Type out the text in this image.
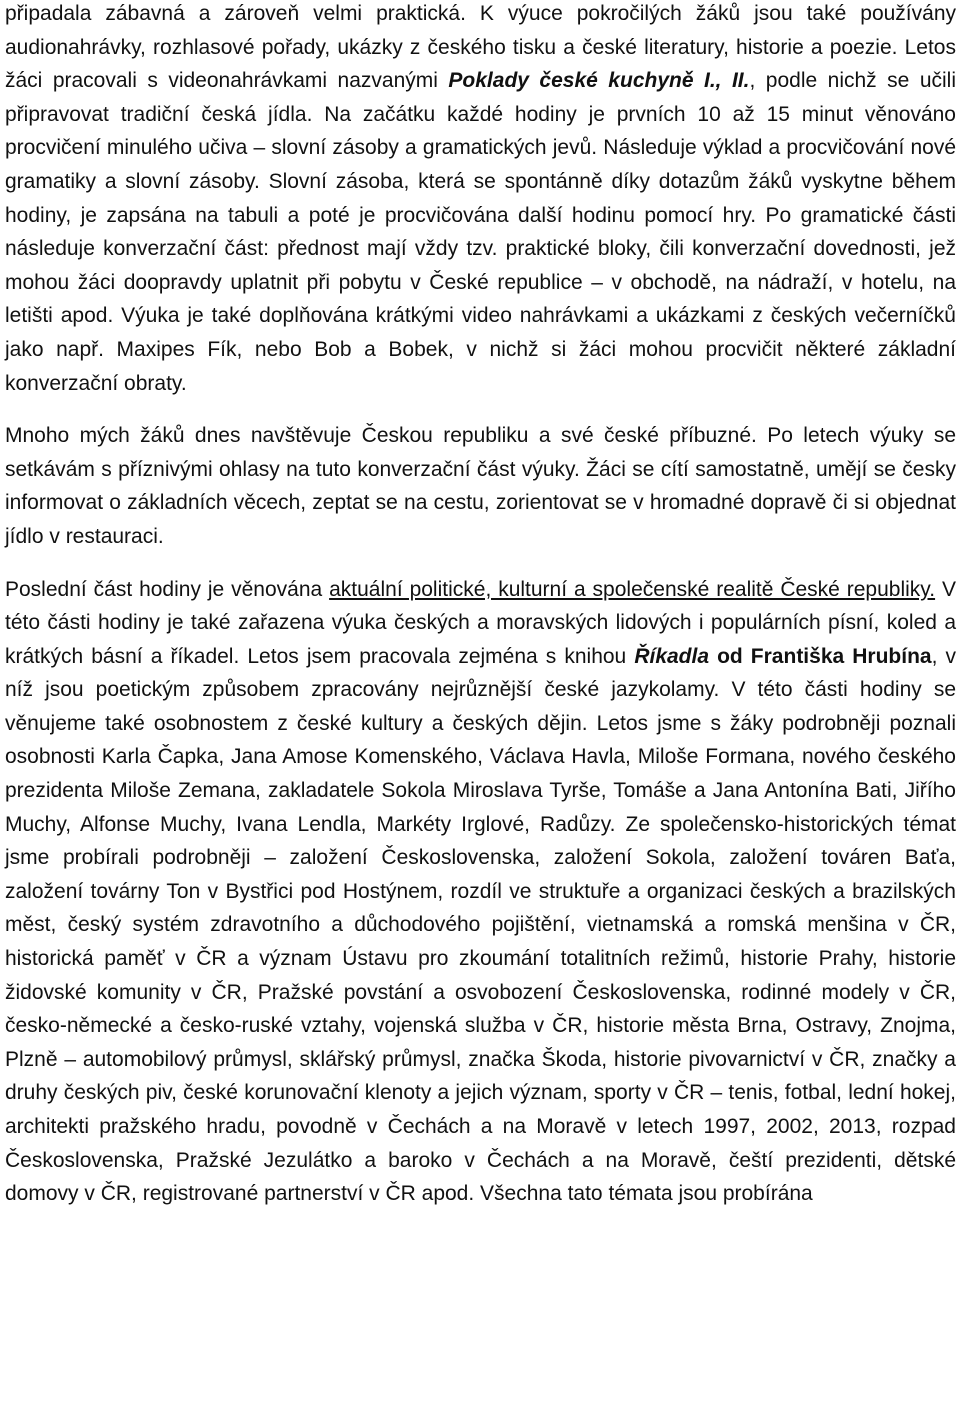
připadala zábavná a zároveň velmi praktická. K výuce pokročilých žáků jsou také používány audionahrávky, rozhlasové pořady, ukázky z českého tisku a české literatury, historie a poezie. Letos žáci pracovali s videonahrávkami nazvanými Poklady české kuchyně I., II., podle nichž se učili připravovat tradiční česká jídla. Na začátku každé hodiny je prvních 10 až 15 minut věnováno procvičení minulého učiva – slovní zásoby a gramatických jevů. Následuje výklad a procvičování nové gramatiky a slovní zásoby. Slovní zásoba, která se spontánně díky dotazům žáků vyskytne během hodiny, je zapsána na tabuli a poté je procvičována další hodinu pomocí hry. Po gramatické části následuje konverzační část: přednost mají vždy tzv. praktické bloky, čili konverzační dovednosti, jež mohou žáci doopravdy uplatnit při pobytu v České republice – v obchodě, na nádraží, v hotelu, na letišti apod. Výuka je také doplňována krátkými video nahrávkami a ukázkami z českých večerníčků jako např. Maxipes Fík, nebo Bob a Bobek, v nichž si žáci mohou procvičit některé základní konverzační obraty.

Mnoho mých žáků dnes navštěvuje Českou republiku a své české příbuzné. Po letech výuky se setkávám s příznivými ohlasy na tuto konverzační část výuky. Žáci se cítí samostatně, umějí se česky informovat o základních věcech, zeptat se na cestu, zorientovat se v hromadné dopravě či si objednat jídlo v restauraci.

Poslední část hodiny je věnována aktuální politické, kulturní a společenské realitě České republiky. V této části hodiny je také zařazena výuka českých a moravských lidových i populárních písní, koled a krátkých básní a říkadel. Letos jsem pracovala zejména s knihou Říkadla od Františka Hrubína, v níž jsou poetickým způsobem zpracovány nejrůznější české jazykolamy. V této části hodiny se věnujeme také osobnostem z české kultury a českých dějin. Letos jsme s žáky podrobněji poznali osobnosti Karla Čapka, Jana Amose Komenského, Václava Havla, Miloše Formana, nového českého prezidenta Miloše Zemana, zakladatele Sokola Miroslava Tyrše, Tomáše a Jana Antonína Bati, Jiřího Muchy, Alfonse Muchy, Ivana Lendla, Markéty Irglové, Radůzy. Ze společensko-historických témat jsme probírali podrobněji – založení Československa, založení Sokola, založení továren Baťa, založení továrny Ton v Bystřici pod Hostýnem, rozdíl ve struktuře a organizaci českých a brazilských měst, český systém zdravotního a důchodového pojištění, vietnamská a romská menšina v ČR, historická paměť v ČR a význam Ústavu pro zkoumání totalitních režimů, historie Prahy, historie židovské komunity v ČR, Pražské povstání a osvobození Československa, rodinné modely v ČR, česko-německé a česko-ruské vztahy, vojenská služba v ČR, historie města Brna, Ostravy, Znojma, Plzně – automobilový průmysl, sklářský průmysl, značka Škoda, historie pivovarnictví v ČR, značky a druhy českých piv, české korunovační klenoty a jejich význam, sporty v ČR – tenis, fotbal, lední hokej, architekti pražského hradu, povodně v Čechách a na Moravě v letech 1997, 2002, 2013, rozpad Československa, Pražské Jezulátko a baroko v Čechách a na Moravě, čeští prezidenti, dětské domovy v ČR, registrované partnerství v ČR apod. Všechna tato témata jsou probírána
